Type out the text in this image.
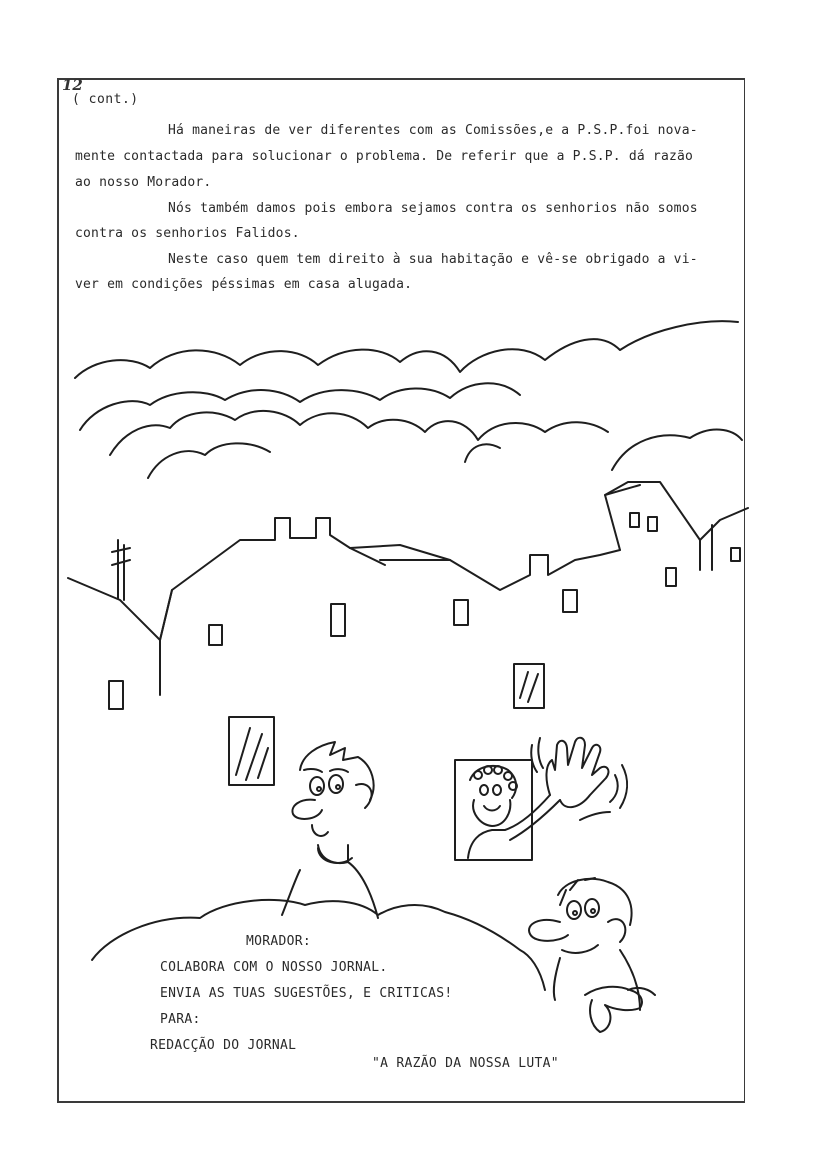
12
( cont.)
Há maneiras de ver diferentes com as Comissões,e a P.S.P.foi nova-
mente contactada para solucionar o problema. De referir que a P.S.P. dá razão
ao nosso Morador.
Nós também damos pois embora sejamos contra os senhorios não somos
contra os senhorios Falidos.
Neste caso quem tem direito à sua habitação e vê-se obrigado a vi-
ver em condições péssimas em casa alugada.
MORADOR:
COLABORA COM O NOSSO JORNAL.
ENVIA AS TUAS SUGESTÕES, E CRITICAS!
PARA:
REDACÇÃO DO JORNAL
"A RAZÃO DA NOSSA LUTA"
